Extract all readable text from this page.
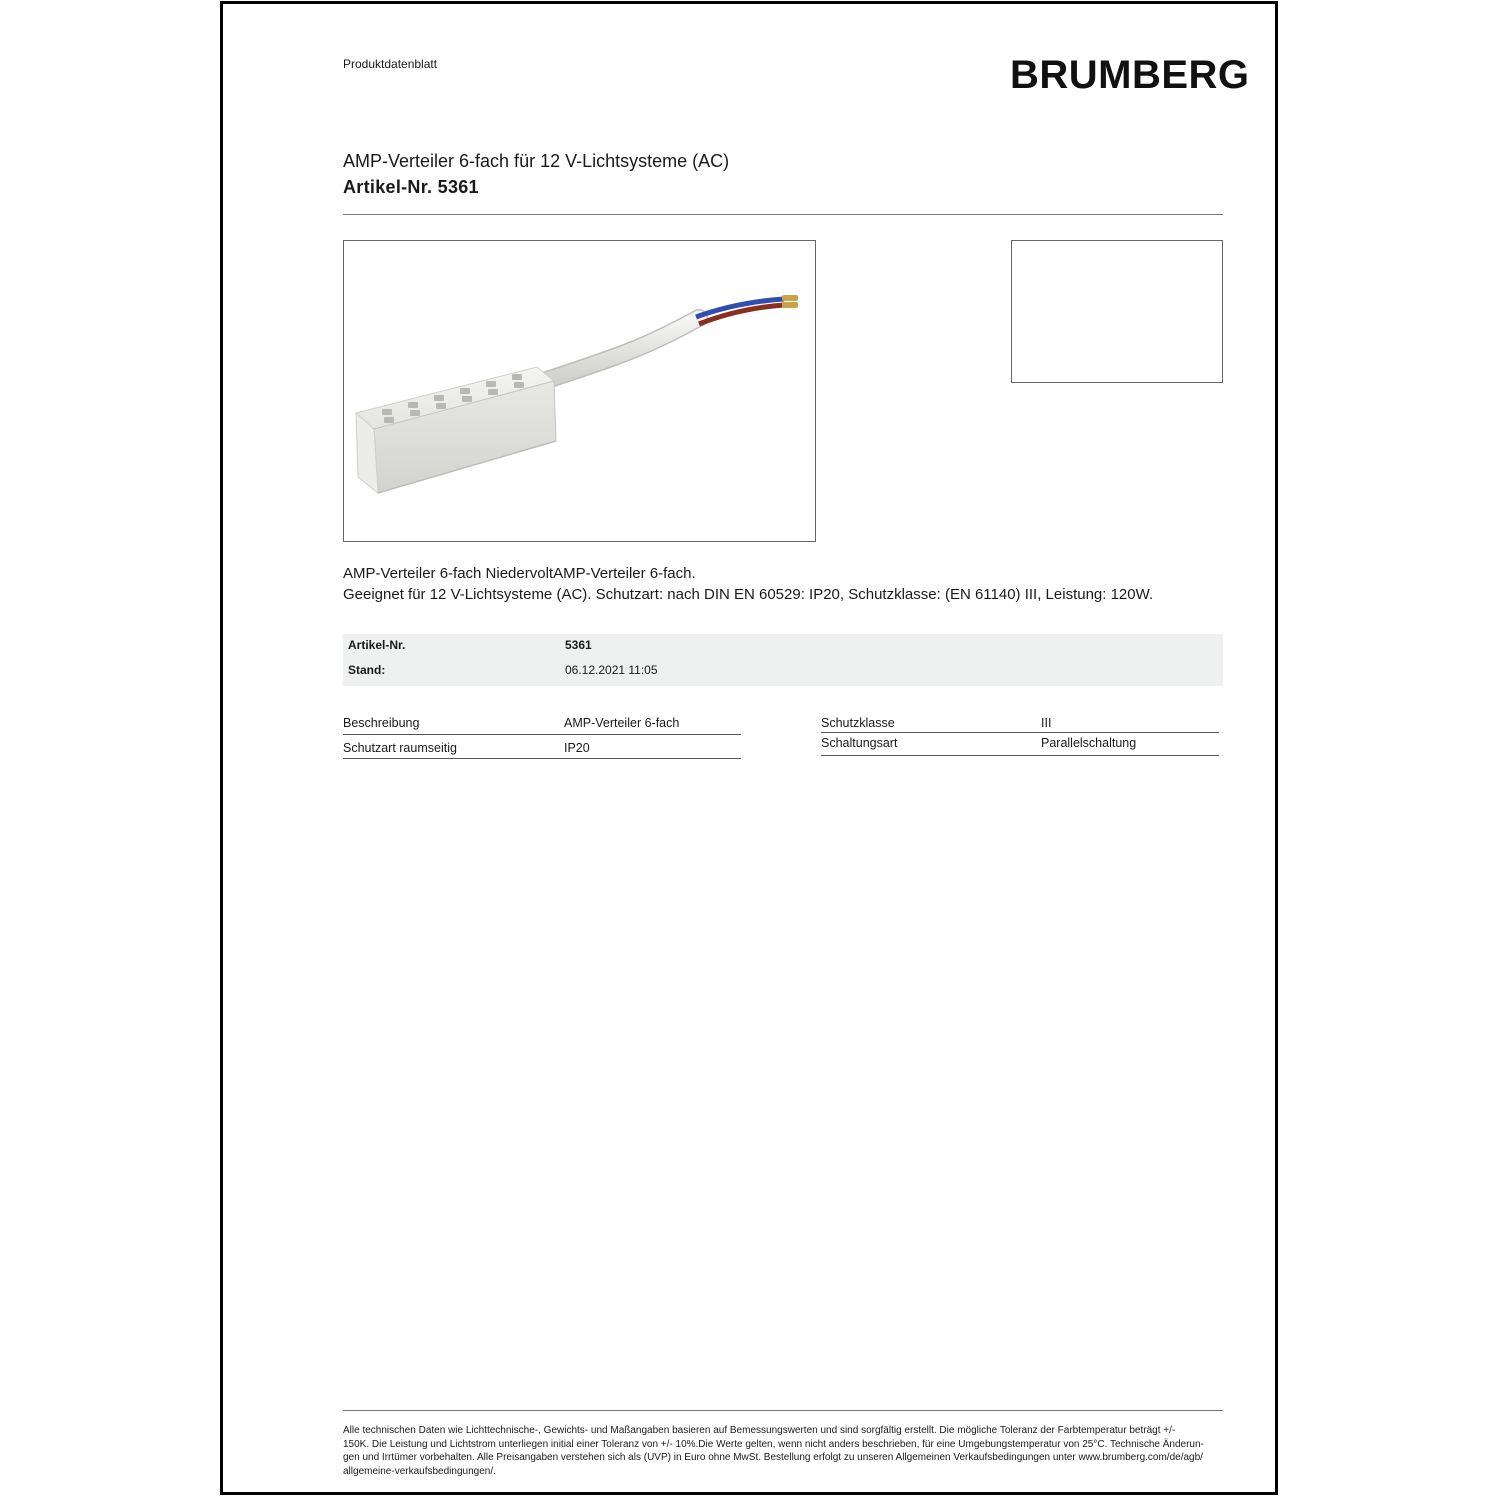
Produktdatenblatt	BRUMBERG
AMP-Verteiler 6-fach für 12 V-Lichtsysteme (AC)
Artikel-Nr. 5361

AMP-Verteiler 6-fach NiedervoltAMP-Verteiler 6-fach.

Geeignet für 12 V-Lichtsysteme (AC). Schutzart: nach DIN EN 60529: IP20, Schutzklasse: (EN 61140) III, Leistung: 120W.

Artikel-Nr.	5361
Stand:	06.12.2021 11:05
Beschreibung	AMP-Verteiler 6-fach
Schutzart raumseitig	IP20
Schutzklasse	III
Schaltungsart	Parallelschaltung
Alle technischen Daten wie Lichttechnische-, Gewichts- und Maßangaben basieren auf Bemessungswerten und sind sorgfältig erstellt. Die mögliche Toleranz der Farbtemperatur beträgt +/-
150K. Die Leistung und Lichtstrom unterliegen initial einer Toleranz von +/- 10%.Die Werte gelten, wenn nicht anders beschrieben, für eine Umgebungstemperatur von 25°C. Technische Änderun-
gen und Irrtümer vorbehalten. Alle Preisangaben verstehen sich als (UVP) in Euro ohne MwSt. Bestellung erfolgt zu unseren Allgemeinen Verkaufsbedingungen unter www.brumberg.com/de/agb/
allgemeine-verkaufsbedingungen/.
